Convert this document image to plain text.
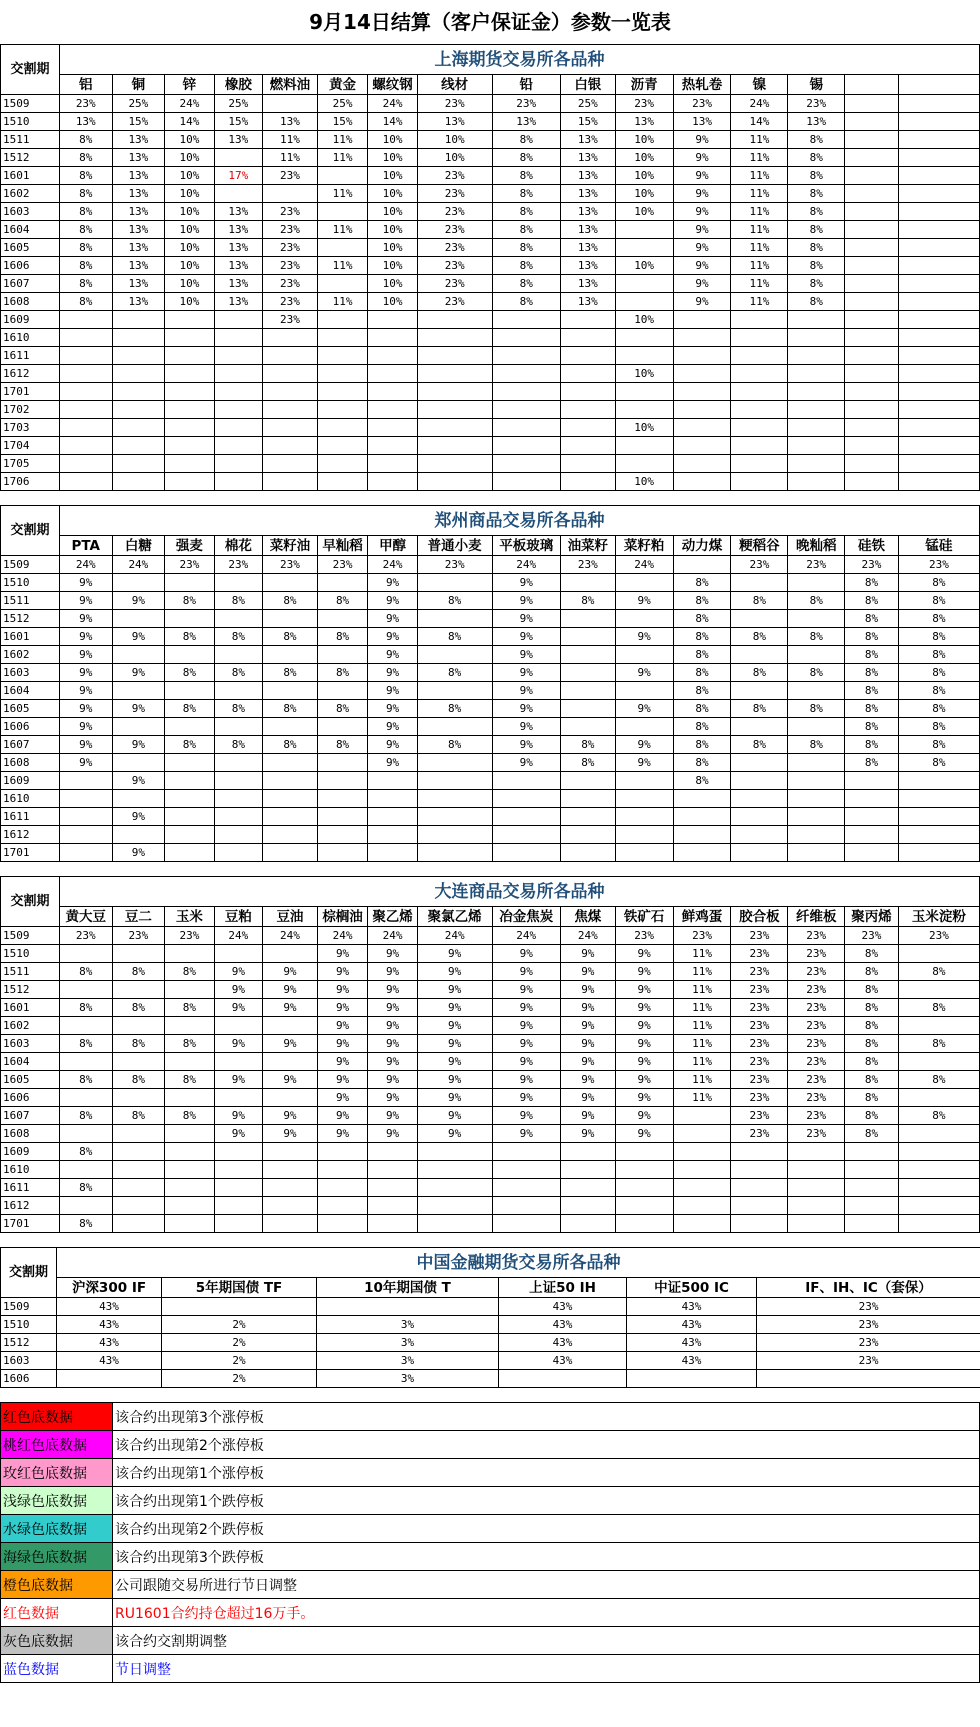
9月14日结算（客户保证金）参数一览表
交割期	上海期货交易所各品种															
	铝	铜	锌	橡胶	燃料油	黄金	螺纹钢	线材	铅	白银	沥青	热轧卷	镍	锡		
1509	23%	25%	24%	25%		25%	24%	23%	23%	25%	23%	23%	24%	23%		
1510	13%	15%	14%	15%	13%	15%	14%	13%	13%	15%	13%	13%	14%	13%		
1511	8%	13%	10%	13%	11%	11%	10%	10%	8%	13%	10%	9%	11%	8%		
1512	8%	13%	10%		11%	11%	10%	10%	8%	13%	10%	9%	11%	8%		
1601	8%	13%	10%	17%	23%		10%	23%	8%	13%	10%	9%	11%	8%		
1602	8%	13%	10%			11%	10%	23%	8%	13%	10%	9%	11%	8%		
1603	8%	13%	10%	13%	23%		10%	23%	8%	13%	10%	9%	11%	8%		
1604	8%	13%	10%	13%	23%	11%	10%	23%	8%	13%		9%	11%	8%		
1605	8%	13%	10%	13%	23%		10%	23%	8%	13%		9%	11%	8%		
1606	8%	13%	10%	13%	23%	11%	10%	23%	8%	13%	10%	9%	11%	8%		
1607	8%	13%	10%	13%	23%		10%	23%	8%	13%		9%	11%	8%		
1608	8%	13%	10%	13%	23%	11%	10%	23%	8%	13%		9%	11%	8%		
1609					23%						10%					
1610																
1611																
1612											10%					
1701																
1702																
1703											10%					
1704																
1705																
1706											10%					
交割期	郑州商品交易所各品种															
	PTA	白糖	强麦	棉花	菜籽油	早籼稻	甲醇	普通小麦	平板玻璃	油菜籽	菜籽粕	动力煤	粳稻谷	晚籼稻	硅铁	锰硅
1509	24%	24%	23%	23%	23%	23%	24%	23%	24%	23%	24%		23%	23%	23%	23%
1510	9%						9%		9%			8%			8%	8%
1511	9%	9%	8%	8%	8%	8%	9%	8%	9%	8%	9%	8%	8%	8%	8%	8%
1512	9%						9%		9%			8%			8%	8%
1601	9%	9%	8%	8%	8%	8%	9%	8%	9%		9%	8%	8%	8%	8%	8%
1602	9%						9%		9%			8%			8%	8%
1603	9%	9%	8%	8%	8%	8%	9%	8%	9%		9%	8%	8%	8%	8%	8%
1604	9%						9%		9%			8%			8%	8%
1605	9%	9%	8%	8%	8%	8%	9%	8%	9%		9%	8%	8%	8%	8%	8%
1606	9%						9%		9%			8%			8%	8%
1607	9%	9%	8%	8%	8%	8%	9%	8%	9%	8%	9%	8%	8%	8%	8%	8%
1608	9%						9%		9%	8%	9%	8%			8%	8%
1609		9%										8%				
1610																
1611		9%														
1612																
1701		9%														
交割期	大连商品交易所各品种															
	黄大豆	豆二	玉米	豆粕	豆油	棕榈油	聚乙烯	聚氯乙烯	冶金焦炭	焦煤	铁矿石	鲜鸡蛋	胶合板	纤维板	聚丙烯	玉米淀粉
1509	23%	23%	23%	24%	24%	24%	24%	24%	24%	24%	23%	23%	23%	23%	23%	23%
1510						9%	9%	9%	9%	9%	9%	11%	23%	23%	8%	
1511	8%	8%	8%	9%	9%	9%	9%	9%	9%	9%	9%	11%	23%	23%	8%	8%
1512				9%	9%	9%	9%	9%	9%	9%	9%	11%	23%	23%	8%	
1601	8%	8%	8%	9%	9%	9%	9%	9%	9%	9%	9%	11%	23%	23%	8%	8%
1602						9%	9%	9%	9%	9%	9%	11%	23%	23%	8%	
1603	8%	8%	8%	9%	9%	9%	9%	9%	9%	9%	9%	11%	23%	23%	8%	8%
1604						9%	9%	9%	9%	9%	9%	11%	23%	23%	8%	
1605	8%	8%	8%	9%	9%	9%	9%	9%	9%	9%	9%	11%	23%	23%	8%	8%
1606						9%	9%	9%	9%	9%	9%	11%	23%	23%	8%	
1607	8%	8%	8%	9%	9%	9%	9%	9%	9%	9%	9%		23%	23%	8%	8%
1608				9%	9%	9%	9%	9%	9%	9%	9%		23%	23%	8%	
1609	8%															
1610																
1611	8%															
1612																
1701	8%															
交割期	中国金融期货交易所各品种					
	沪深300 IF	5年期国债 TF	10年期国债 T	上证50 IH	中证500 IC	IF、IH、IC（套保）
1509	43%			43%	43%	23%
1510	43%	2%	3%	43%	43%	23%
1512	43%	2%	3%	43%	43%	23%
1603	43%	2%	3%	43%	43%	23%
1606		2%	3%			
红色底数据	该合约出现第3个涨停板
桃红色底数据	该合约出现第2个涨停板
玫红色底数据	该合约出现第1个涨停板
浅绿色底数据	该合约出现第1个跌停板
水绿色底数据	该合约出现第2个跌停板
海绿色底数据	该合约出现第3个跌停板
橙色底数据	公司跟随交易所进行节日调整
红色数据	RU1601合约持仓超过16万手。
灰色底数据	该合约交割期调整
蓝色数据	节日调整
